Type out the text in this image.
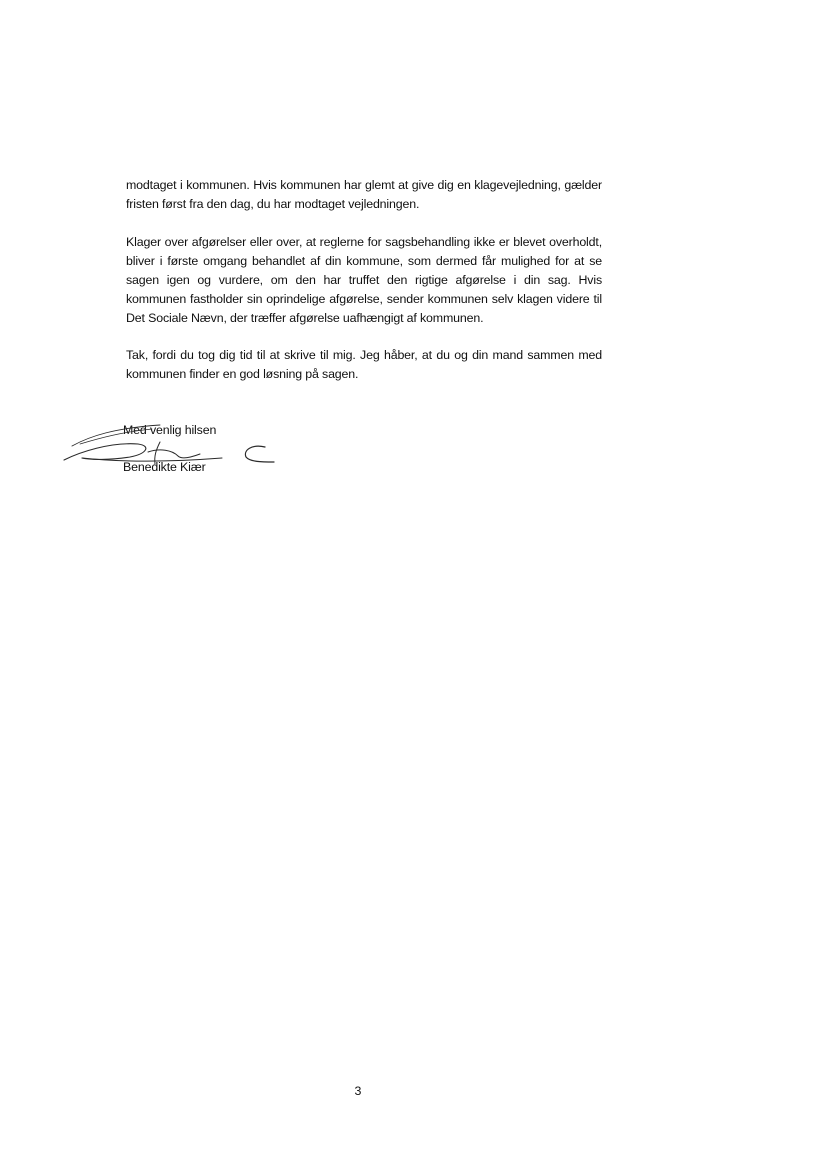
modtaget i kommunen. Hvis kommunen har glemt at give dig en klagevejledning, gælder fristen først fra den dag, du har modtaget vejledningen.

Klager over afgørelser eller over, at reglerne for sagsbehandling ikke er blevet overholdt, bliver i første omgang behandlet af din kommune, som dermed får mulighed for at se sagen igen og vurdere, om den har truffet den rigtige afgørelse i din sag. Hvis kommunen fastholder sin oprindelige afgørelse, sender kommunen selv klagen videre til Det Sociale Nævn, der træffer afgørelse uafhængigt af kommunen.

Tak, fordi du tog dig tid til at skrive til mig. Jeg håber, at du og din mand sammen med kommunen finder en god løsning på sagen.

Med venlig hilsen
Benedikte Kiær
3
